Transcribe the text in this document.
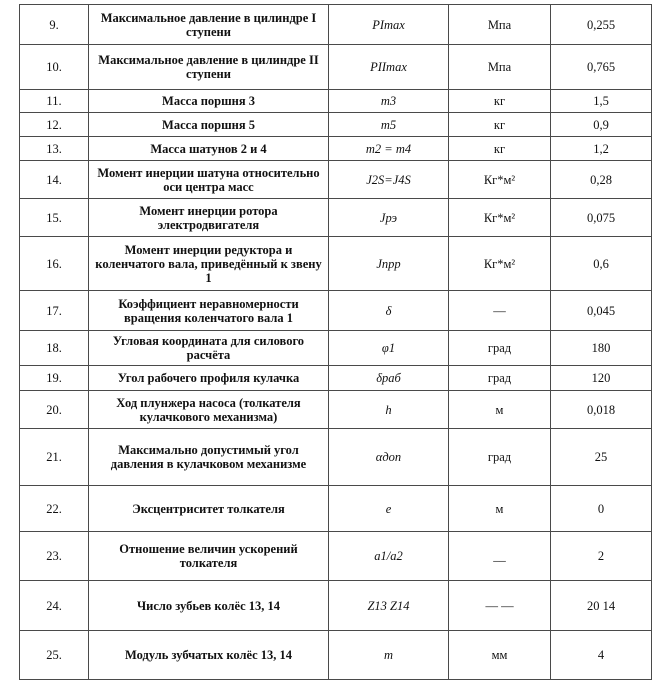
9.	Максимальное давление в цилиндре I ступени	PImax	Мпа	0,255
10.	Максимальное давление в цилиндре II ступени	PIImax	Мпа	0,765
11.	Масса поршня 3	m3	кг	1,5
12.	Масса поршня 5	m5	кг	0,9
13.	Масса шатунов 2 и 4	m2 = m4	кг	1,2
14.	Момент инерции шатуна относительно оси центра масс	J2S=J4S	Кг*м²	0,28
15.	Момент инерции ротора электродвигателя	Jрэ	Кг*м²	0,075
16.	Момент инерции редуктора и коленчатого вала, приведённый к звену 1	Jпрр	Кг*м²	0,6
17.	Коэффициент неравномерности вращения коленчатого вала 1	δ	—	0,045
18.	Угловая координата для силового расчёта	φ1	град	180
19.	Угол рабочего профиля кулачка	δраб	град	120
20.	Ход плунжера насоса (толкателя кулачкового механизма)	h	м	0,018
21.	Максимально допустимый угол давления в кулачковом механизме	αдоп	град	25
22.	Эксцентриситет толкателя	e	м	0
23.	Отношение величин ускорений толкателя	a1/a2	__	2
24.	Число зубьев колёс 13, 14	Z13 Z14	— —	20 14
25.	Модуль зубчатых колёс 13, 14	m	мм	4
